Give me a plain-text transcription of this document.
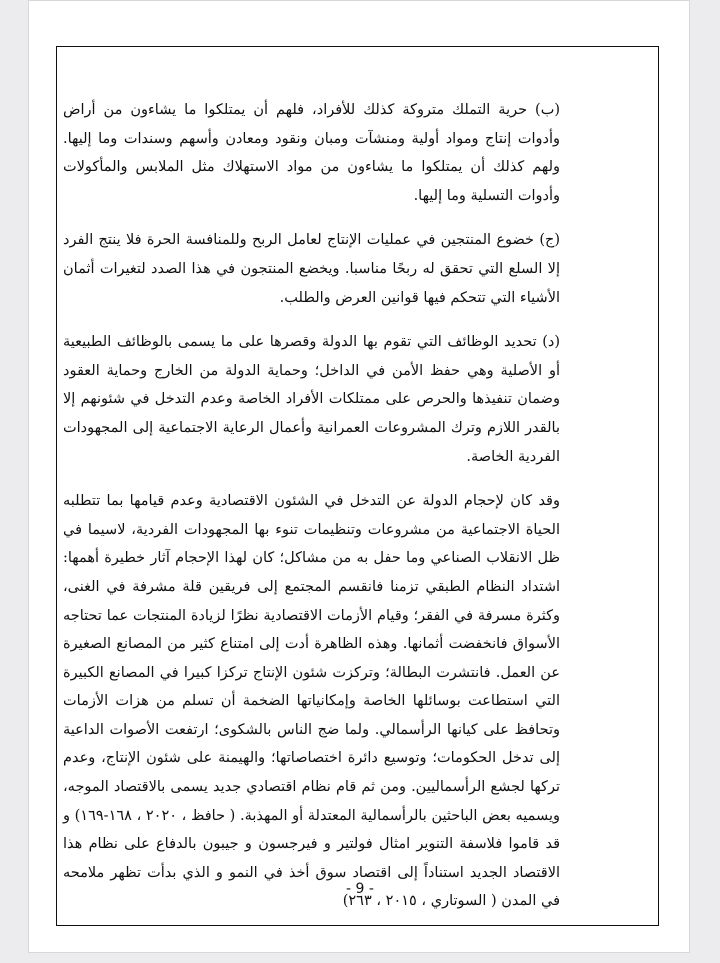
(ب) حرية التملك متروكة كذلك للأفراد، فلهم أن يمتلكوا ما يشاءون من أراض وأدوات إنتاج ومواد أولية ومنشآت ومبان ونقود ومعادن وأسهم وسندات وما إليها. ولهم كذلك أن يمتلكوا ما يشاءون من مواد الاستهلاك مثل الملابس والمأكولات وأدوات التسلية وما إليها.

(ج) خضوع المنتجين في عمليات الإنتاج لعامل الربح وللمنافسة الحرة فلا ينتج الفرد إلا السلع التي تحقق له ربحًا مناسبا. ويخضع المنتجون في هذا الصدد لتغيرات أثمان الأشياء التي تتحكم فيها قوانين العرض والطلب.

(د) تحديد الوظائف التي تقوم بها الدولة وقصرها على ما يسمى بالوظائف الطبيعية أو الأصلية وهي حفظ الأمن في الداخل؛ وحماية الدولة من الخارج وحماية العقود وضمان تنفيذها والحرص على ممتلكات الأفراد الخاصة وعدم التدخل في شئونهم إلا بالقدر اللازم وترك المشروعات العمرانية وأعمال الرعاية الاجتماعية إلى المجهودات الفردية الخاصة.

وقد كان لإحجام الدولة عن التدخل في الشئون الاقتصادية وعدم قيامها بما تتطلبه الحياة الاجتماعية من مشروعات وتنظيمات تنوء بها المجهودات الفردية، لاسيما في ظل الانقلاب الصناعي وما حفل به من مشاكل؛ كان لهذا الإحجام آثار خطيرة أهمها: اشتداد النظام الطبقي تزمنا فانقسم المجتمع إلى فريقين قلة مشرفة في الغنى، وكثرة مسرفة في الفقر؛ وقيام الأزمات الاقتصادية نظرًا لزيادة المنتجات عما تحتاجه الأسواق فانخفضت أثمانها. وهذه الظاهرة أدت إلى امتناع كثير من المصانع الصغيرة عن العمل. فانتشرت البطالة؛ وتركزت شئون الإنتاج تركزا كبيرا في المصانع الكبيرة التي استطاعت بوسائلها الخاصة وإمكانياتها الضخمة أن تسلم من هزات الأزمات وتحافظ على كيانها الرأسمالي. ولما ضج الناس بالشكوى؛ ارتفعت الأصوات الداعية إلى تدخل الحكومات؛ وتوسيع دائرة اختصاصاتها؛ والهيمنة على شئون الإنتاج، وعدم تركها لجشع الرأسماليين. ومن ثم قام نظام اقتصادي جديد يسمى بالاقتصاد الموجه، ويسميه بعض الباحثين بالرأسمالية المعتدلة أو المهذبة. ( حافظ ، ٢٠٢٠ ، ١٦٨-١٦٩) و قد قاموا فلاسفة التنوير امثال فولتير و فيرجسون و جيبون بالدفاع على نظام هذا الاقتصاد الجديد استناداً إلى اقتصاد سوق أخذ في النمو و الذي بدأت تظهر ملامحه في المدن ( السوتاري ، ٢٠١٥ ، ٢٦٣)

- 9 -
